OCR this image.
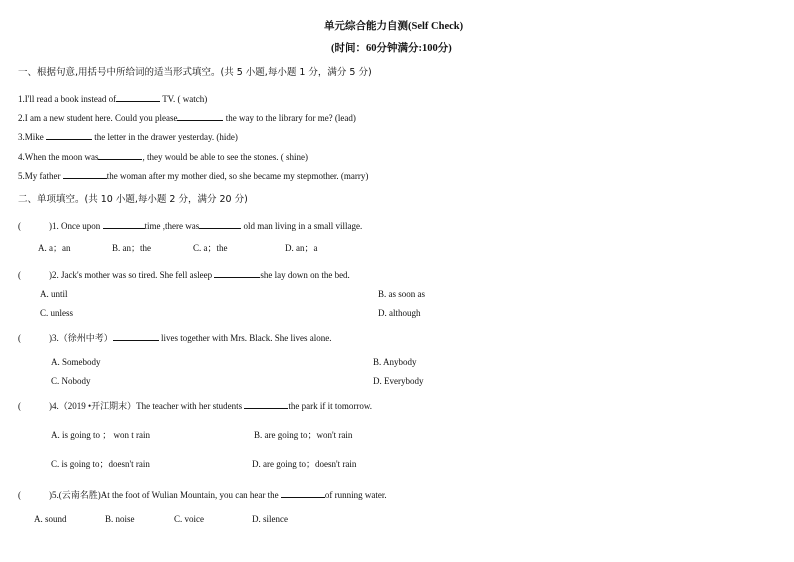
单元综合能力自测(Self Check)
(时间：60分钟满分:100分)
一、根据句意,用括号中所给词的适当形式填空。(共 5 小题,每小题 1 分，满分 5 分)
1.I'll read a book instead of	TV. ( watch)
2.I am a new student here. Could you please	the way to the library for me? (lead)
3.Mike	the letter in the drawer yesterday. (hide)
4.When the moon was	, they would be able to see the stones. ( shine)
5.My father	the woman after my mother died, so she became my stepmother. (marry)
二、单项填空。(共 10 小题,每小题 2 分，满分 20 分)
(	)1. Once upon	time ,there was	old man living in a small village.
A. a；an	B. an；the	C. a；the	D. an；a
(	)2. Jack's mother was so tired. She fell asleep	she lay down on the bed.
A. until	B. as soon as
C. unless	D. although
(	)3.（徐州中考）	lives together with Mrs. Black. She lives alone.
A. Somebody	B. Anybody
C. Nobody	D. Everybody
(	)4.（2019 •开江期末）The teacher with her students	the park if it tomorrow.
A. is going to ； won t rain	B. are going to；won't rain
C. is going to；doesn't rain	D. are going to；doesn't rain
(	)5.(云南名胜)At the foot of Wulian Mountain, you can hear the	of running water.
A. sound	B. noise	C. voice	D. silence
